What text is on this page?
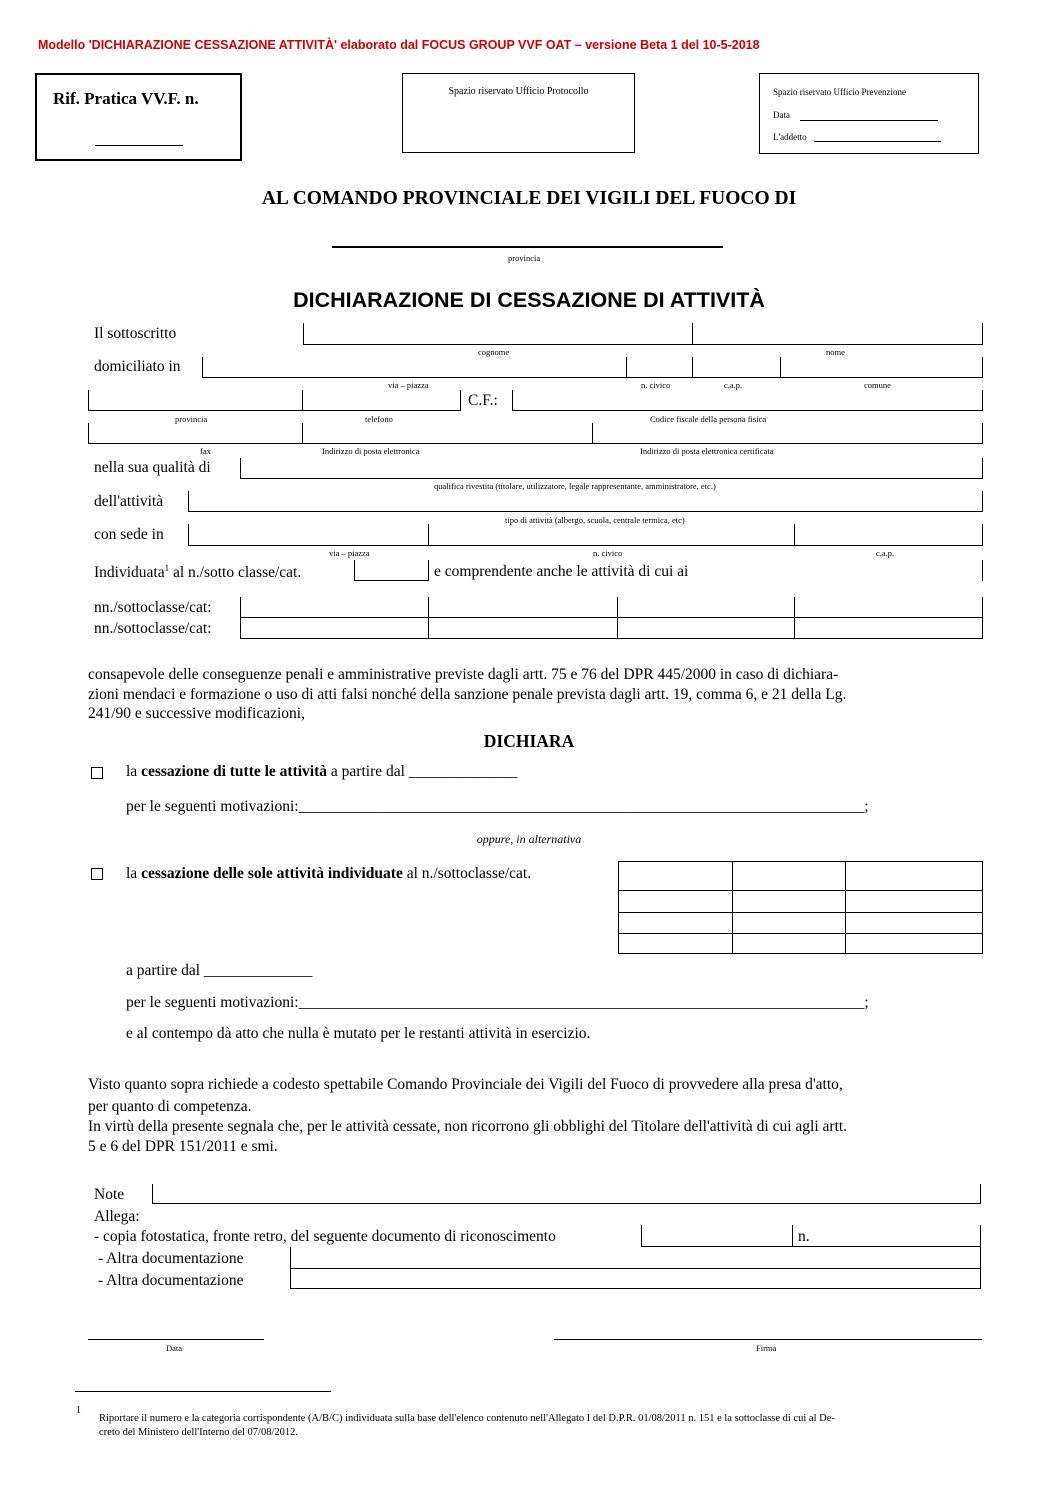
Modello 'DICHIARAZIONE CESSAZIONE ATTIVITÀ' elaborato dal FOCUS GROUP VVF OAT – versione Beta 1 del 10-5-2018
Rif. Pratica VV.F. n.	Spazio riservato Ufficio Protocollo	Spazio riservato Ufficio Prevenzione
Data
L'addetto
AL COMANDO PROVINCIALE DEI VIGILI DEL FUOCO DI
provincia
DICHIARAZIONE DI CESSAZIONE DI ATTIVITÀ
Il sottoscritto
cognome	nome
domiciliato in
via – piazza	n. civico	c.a.p.	comune
C.F.:
provincia	telefono	Codice fiscale della persona fisica
fax	Indirizzo di posta elettronica	Indirizzo di posta elettronica certificata
nella sua qualità di
qualifica rivestita (titolare, utilizzatore, legale rappresentante, amministratore, etc.)
dell'attività
tipo di attività (albergo, scuola, centrale termica, etc)
con sede in
via – piazza	n. civico	c.a.p.
Individuata$^1$ al n./sotto classe/cat.	e comprendente anche le attività di cui ai
nn./sottoclasse/cat:
nn./sottoclasse/cat:
consapevole delle conseguenze penali e amministrative previste dagli artt. 75 e 76 del DPR 445/2000 in caso di dichiara-
zioni mendaci e formazione o uso di atti falsi nonché della sanzione penale prevista dagli artt. 19, comma 6, e 21 della Lg.
241/90 e successive modificazioni,
DICHIARA
la cessazione di tutte le attività a partire dal ______________
per le seguenti motivazioni:_________________________________________________________________________;
oppure, in alternativa
la cessazione delle sole attività individuate al n./sottoclasse/cat.
a partire dal ______________
per le seguenti motivazioni:_________________________________________________________________________;
e al contempo dà atto che nulla è mutato per le restanti attività in esercizio.
Visto quanto sopra richiede a codesto spettabile Comando Provinciale dei Vigili del Fuoco di provvedere alla presa d'atto,
per quanto di competenza.
In virtù della presente segnala che, per le attività cessate, non ricorrono gli obblighi del Titolare dell'attività di cui agli artt.
5 e 6 del DPR 151/2011 e smi.
Note
Allega:
- copia fotostatica, fronte retro, del seguente documento di riconoscimento	n.
- Altra documentazione
- Altra documentazione
Data	Firma
1
Riportare il numero e la categoria corrispondente (A/B/C) individuata sulla base dell'elenco contenuto nell'Allegato I del D.P.R. 01/08/2011 n. 151 e la sottoclasse di cui al De-
creto del Ministero dell'Interno del 07/08/2012.
